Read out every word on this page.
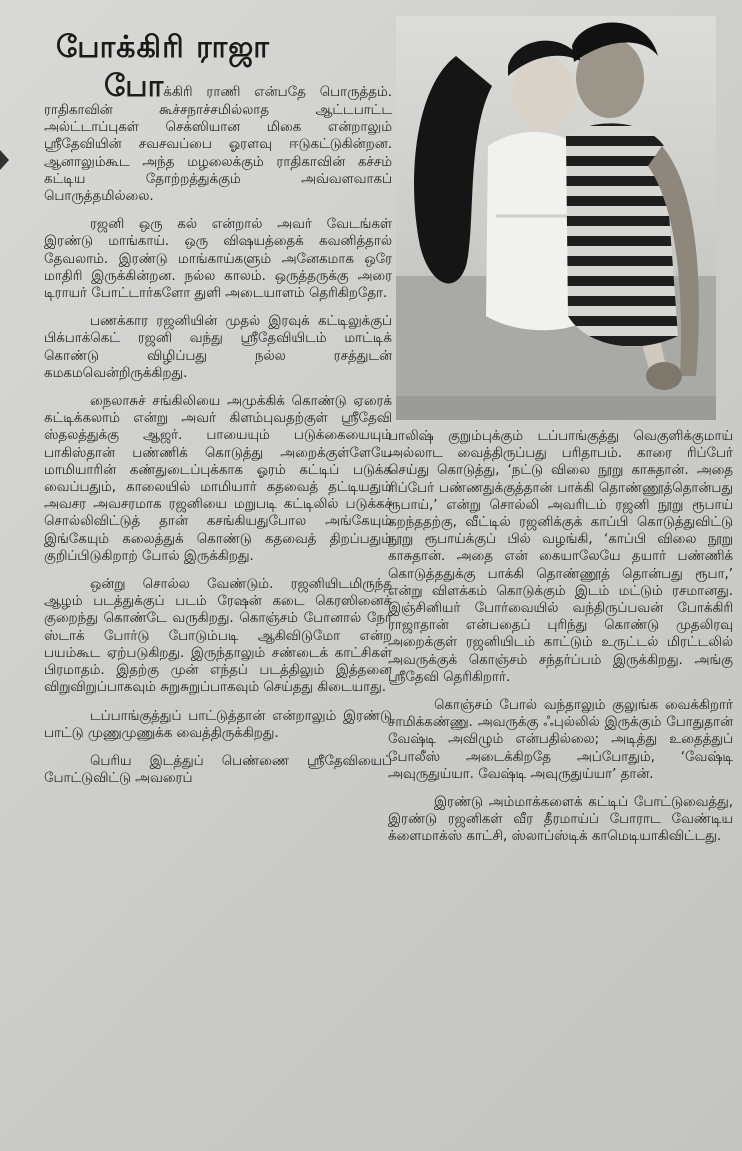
போக்கிரி ராஜா

போக்கிரி ராணி என்பதே பொருத்தம். ராதிகாவின் கூச்சநாச்சமில்லாத ஆட்டபாட்ட அல்ட்டாப்புகள் செக்ஸியான மிகை என்றாலும் ஸ்ரீதேவியின் சவசவப்பை ஓரளவு ஈடுகட்டுகின்றன. ஆனாலும்கூட அந்த மழலைக்கும் ராதிகாவின் கச்சம் கட்டிய தோற்றத்துக்கும் அவ்வளவாகப் பொருத்தமில்லை.

ரஜனி ஒரு கல் என்றால் அவர் வேடங்கள் இரண்டு மாங்காய். ஒரு விஷயத்தைக் கவனித்தால் தேவலாம். இரண்டு மாங்காய்களும் அனேகமாக ஒரே மாதிரி இருக்கின்றன. நல்ல காலம். ஒருத்தருக்கு அரை டிராயர் போட்டார்களோ துளி அடையாளம் தெரிகிறதோ.

பணக்கார ரஜனியின் முதல் இரவுக் கட்டிலுக்குப் பிக்பாக்கெட் ரஜனி வந்து ஸ்ரீதேவியிடம் மாட்டிக் கொண்டு விழிப்பது நல்ல ரசத்துடன் கமகமவென்றிருக்கிறது.

நைலாசுச் சங்கிலியை அமுக்கிக் கொண்டு ஏரைக் கட்டிக்கலாம் என்று அவர் கிளம்புவதற்குள் ஸ்ரீதேவி ஸ்தலத்துக்கு ஆஜர். பாயையும் படுக்கையையும் பாகிஸ்தான் பண்ணிக் கொடுத்து அறைக்குள்ளேயே மாமியாரின் கண்துடைப்புக்காக ஓரம் கட்டிப் படுக்க வைப்பதும், காலையில் மாமியார் கதவைத் தட்டியதும் அவசர அவசரமாக ரஜனியை மறுபடி கட்டிலில் படுக்கச் சொல்லிவிட்டுத் தான் கசங்கியதுபோல அங்கேயும் இங்கேயும் கலைத்துக் கொண்டு கதவைத் திறப்பதும் குறிப்பிடுகிறாற் போல் இருக்கிறது.

ஒன்று சொல்ல வேண்டும். ரஜனியிடமிருந்த ஆழம் படத்துக்குப் படம் ரேஷன் கடை கெரஸினைக் குறைந்து கொண்டே வருகிறது. கொஞ்சம் போனால் நோ ஸ்டாக் போர்டு போடும்படி ஆகிவிடுமோ என்ற பயம்கூட ஏற்படுகிறது. இருந்தாலும் சண்டைக் காட்சிகள் பிரமாதம். இதற்கு முன் எந்தப் படத்திலும் இத்தனை விறுவிறுப்பாகவும் சுறுசுறுப்பாகவும் செய்தது கிடையாது.

டப்பாங்குத்துப் பாட்டுத்தான் என்றாலும் இரண்டு பாட்டு முணுமுணுக்க வைத்திருக்கிறது.

பெரிய இடத்துப் பெண்ணை ஸ்ரீதேவியைப் போட்டுவிட்டு அவரைப்

பாலிஷ் குறும்புக்கும் டப்பாங்குத்து வெகுளிக்குமாய் அல்லாட வைத்திருப்பது பரிதாபம். காரை ரிப்பேர் செய்து கொடுத்து, ‘நட்டு விலை நூறு காசுதான். அதை ரிப்பேர் பண்ணதுக்குத்தான் பாக்கி தொண்ணூத்தொன்பது ரூபாய்,’ என்று சொல்லி அவரிடம் ரஜனி நூறு ரூபாய் கறந்ததற்கு, வீட்டில் ரஜனிக்குக் காப்பி கொடுத்துவிட்டு நூறு ரூபாய்க்குப் பில் வழங்கி, ‘காப்பி விலை நூறு காசுதான். அதை என் கையாலேயே தயார் பண்ணிக் கொடுத்ததுக்கு பாக்கி தொண்ணூத் தொன்பது ரூபா,’ என்று விளக்கம் கொடுக்கும் இடம் மட்டும் ரசமானது. இஞ்சினியர் போர்வையில் வந்திருப்பவன் போக்கிரி ராஜாதான் என்பதைப் புரிந்து கொண்டு முதலிரவு அறைக்குள் ரஜனியிடம் காட்டும் உருட்டல் மிரட்டலில் அவருக்குக் கொஞ்சம் சந்தர்ப்பம் இருக்கிறது. அங்கு ஸ்ரீதேவி தெரிகிறார்.

கொஞ்சம் போல் வந்தாலும் குலுங்க வைக்கிறார் சாமிக்கண்ணு. அவருக்கு ஃபுல்லில் இருக்கும் போதுதான் வேஷ்டி அவிழும் என்பதில்லை; அடித்து உதைத்துப் போலீஸ் அடைக்கிறதே அப்போதும், ‘வேஷ்டி அவுருதுய்யா. வேஷ்டி அவுருதுய்யா’ தான்.

இரண்டு அம்மாக்களைக் கட்டிப் போட்டுவைத்து, இரண்டு ரஜனிகள் வீர தீரமாய்ப் போராட வேண்டிய க்ளைமாக்ஸ் காட்சி, ஸ்லாப்ஸ்டிக் காமெடியாகிவிட்டது.
